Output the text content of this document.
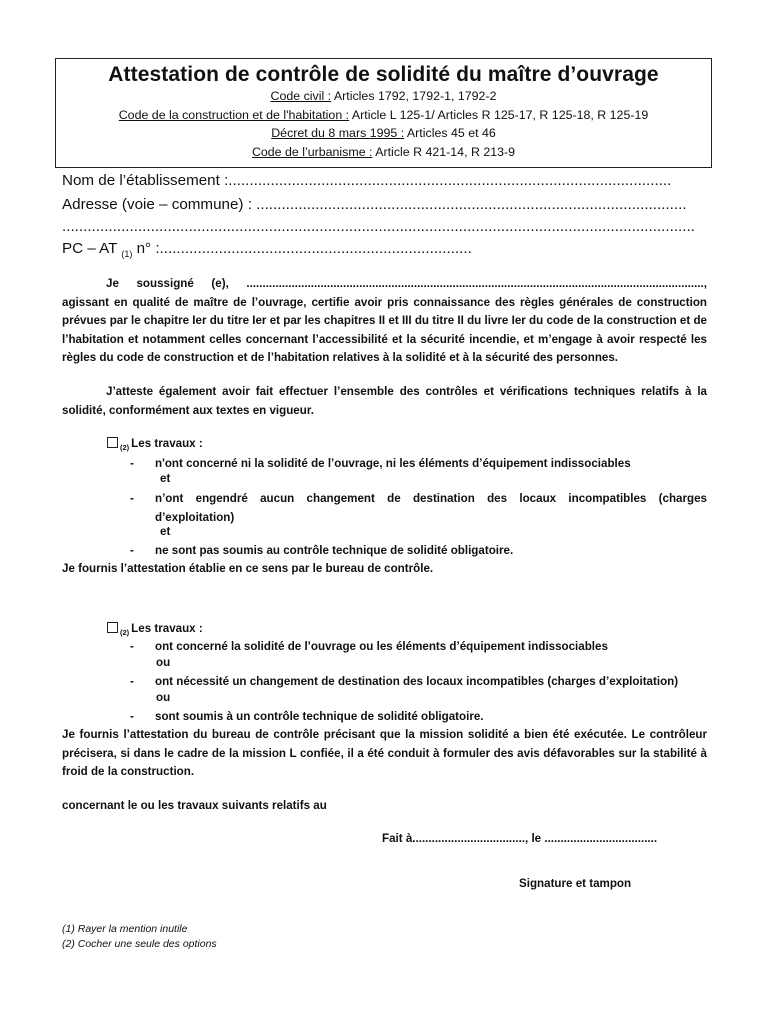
Attestation de contrôle de solidité du maître d’ouvrage
Code civil : Articles 1792, 1792-1, 1792-2
Code de la construction et de l'habitation : Article L 125-1/ Articles R 125-17, R 125-18, R 125-19
Décret du 8 mars 1995 : Articles 45 et 46
Code de l’urbanisme : Article R 421-14, R 213-9
Nom de l’établissement :.........................................................................................................
Adresse (voie – commune) : ......................................................................................................
......................................................................................................................................................
PC – AT $_{(1)}$ n° :..........................................................................

Je soussigné (e), .............................................................................................................................................., agissant en qualité de maître de l’ouvrage, certifie avoir pris connaissance des règles générales de construction prévues par le chapitre Ier du titre Ier et par les chapitres II et III du titre II du livre Ier du code de la construction et de l’habitation et notamment celles concernant l’accessibilité et la sécurité incendie, et m’engage à avoir respecté les règles du code de construction et de l’habitation relatives à la solidité et à la sécurité des personnes.

J’atteste également avoir fait effectuer l’ensemble des contrôles et vérifications techniques relatifs à la solidité, conformément aux textes en vigueur.

$_{(2)}$ Les travaux :
- n'ont concerné ni la solidité de l’ouvrage, ni les éléments d’équipement indissociables
et
- n’ont engendré aucun changement de destination des locaux incompatibles (charges d’exploitation)
et
- ne sont pas soumis au contrôle technique de solidité obligatoire.
Je fournis l’attestation établie en ce sens par le bureau de contrôle.
$_{(2)}$ Les travaux :
- ont concerné la solidité de l’ouvrage ou les éléments d’équipement indissociables
ou
- ont nécessité un changement de destination des locaux incompatibles (charges d’exploitation)
ou
- sont soumis à un contrôle technique de solidité obligatoire.
Je fournis l’attestation du bureau de contrôle précisant que la mission solidité a bien été exécutée. Le contrôleur précisera, si dans le cadre de la mission L confiée, il a été conduit à formuler des avis défavorables sur la stabilité à froid de la construction.
concernant le ou les travaux suivants relatifs au
Fait à..................................., le ...................................
Signature et tampon
(1) Rayer la mention inutile
(2) Cocher une seule des options
